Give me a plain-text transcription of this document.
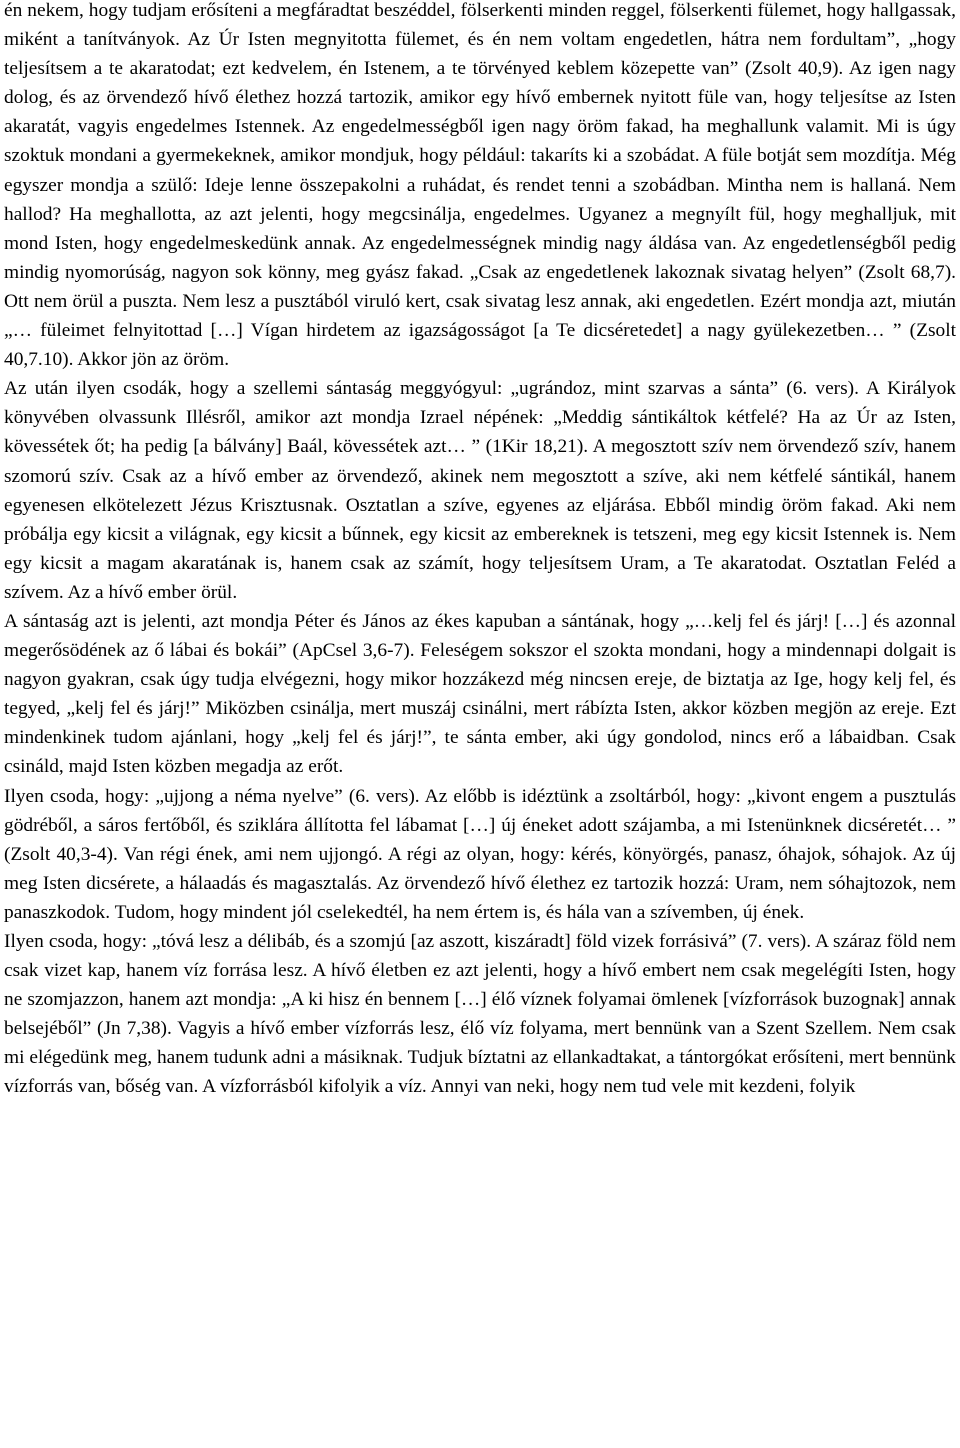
én nekem, hogy tudjam erősíteni a megfáradtat beszéddel, fölserkenti minden reggel, fölserkenti fülemet, hogy hallgassak, miként a tanítványok. Az Úr Isten megnyitotta fülemet, és én nem voltam engedetlen, hátra nem fordultam”, „hogy teljesítsem a te akaratodat; ezt kedvelem, én Istenem, a te törvényed keblem közepette van” (Zsolt 40,9). Az igen nagy dolog, és az örvendező hívő élethez hozzá tartozik, amikor egy hívő embernek nyitott füle van, hogy teljesítse az Isten akaratát, vagyis engedelmes Istennek. Az engedelmességből igen nagy öröm fakad, ha meghallunk valamit. Mi is úgy szoktuk mondani a gyermekeknek, amikor mondjuk, hogy például: takaríts ki a szobádat. A füle botját sem mozdítja. Még egyszer mondja a szülő: Ideje lenne összepakolni a ruhádat, és rendet tenni a szobádban. Mintha nem is hallaná. Nem hallod? Ha meghallotta, az azt jelenti, hogy megcsinálja, engedelmes. Ugyanez a megnyílt fül, hogy meghalljuk, mit mond Isten, hogy engedelmeskedünk annak. Az engedelmességnek mindig nagy áldása van. Az engedetlenségből pedig mindig nyomorúság, nagyon sok könny, meg gyász fakad. „Csak az engedetlenek lakoznak sivatag helyen” (Zsolt 68,7). Ott nem örül a puszta. Nem lesz a pusztából viruló kert, csak sivatag lesz annak, aki engedetlen. Ezért mondja azt, miután „… füleimet felnyitottad […] Vígan hirdetem az igazságosságot [a Te dicséretedet] a nagy gyülekezetben… ” (Zsolt 40,7.10). Akkor jön az öröm.

Az után ilyen csodák, hogy a szellemi sántaság meggyógyul: „ugrándoz, mint szarvas a sánta” (6. vers). A Királyok könyvében olvassunk Illésről, amikor azt mondja Izrael népének: „Meddig sántikáltok kétfelé? Ha az Úr az Isten, kövessétek őt; ha pedig [a bálvány] Baál, kövessétek azt… ” (1Kir 18,21). A megosztott szív nem örvendező szív, hanem szomorú szív. Csak az a hívő ember az örvendező, akinek nem megosztott a szíve, aki nem kétfelé sántikál, hanem egyenesen elkötelezett Jézus Krisztusnak. Osztatlan a szíve, egyenes az eljárása. Ebből mindig öröm fakad. Aki nem próbálja egy kicsit a világnak, egy kicsit a bűnnek, egy kicsit az embereknek is tetszeni, meg egy kicsit Istennek is. Nem egy kicsit a magam akaratának is, hanem csak az számít, hogy teljesítsem Uram, a Te akaratodat. Osztatlan Feléd a szívem. Az a hívő ember örül.

A sántaság azt is jelenti, azt mondja Péter és János az ékes kapuban a sántának, hogy „…kelj fel és járj! […] és azonnal megerősödének az ő lábai és bokái” (ApCsel 3,6-7). Feleségem sokszor el szokta mondani, hogy a mindennapi dolgait is nagyon gyakran, csak úgy tudja elvégezni, hogy mikor hozzákezd még nincsen ereje, de biztatja az Ige, hogy kelj fel, és tegyed, „kelj fel és járj!” Miközben csinálja, mert muszáj csinálni, mert rábízta Isten, akkor közben megjön az ereje. Ezt mindenkinek tudom ajánlani, hogy „kelj fel és járj!”, te sánta ember, aki úgy gondolod, nincs erő a lábaidban. Csak csináld, majd Isten közben megadja az erőt.

Ilyen csoda, hogy: „ujjong a néma nyelve” (6. vers). Az előbb is idéztünk a zsoltárból, hogy: „kivont engem a pusztulás gödréből, a sáros fertőből, és sziklára állította fel lábamat […] új éneket adott szájamba, a mi Istenünknek dicséretét… ” (Zsolt 40,3-4). Van régi ének, ami nem ujjongó. A régi az olyan, hogy: kérés, könyörgés, panasz, óhajok, sóhajok. Az új meg Isten dicsérete, a hálaadás és magasztalás. Az örvendező hívő élethez ez tartozik hozzá: Uram, nem sóhajtozok, nem panaszkodok. Tudom, hogy mindent jól cselekedtél, ha nem értem is, és hála van a szívemben, új ének.

Ilyen csoda, hogy: „tóvá lesz a délibáb, és a szomjú [az aszott, kiszáradt] föld vizek forrásivá” (7. vers). A száraz föld nem csak vizet kap, hanem víz forrása lesz. A hívő életben ez azt jelenti, hogy a hívő embert nem csak megelégíti Isten, hogy ne szomjazzon, hanem azt mondja: „A ki hisz én bennem […] élő víznek folyamai ömlenek [vízforrások buzognak] annak belsejéből” (Jn 7,38). Vagyis a hívő ember vízforrás lesz, élő víz folyama, mert bennünk van a Szent Szellem. Nem csak mi elégedünk meg, hanem tudunk adni a másiknak. Tudjuk bíztatni az ellankadtakat, a tántorgókat erősíteni, mert bennünk vízforrás van, bőség van. A vízforrásból kifolyik a víz. Annyi van neki, hogy nem tud vele mit kezdeni, folyik
